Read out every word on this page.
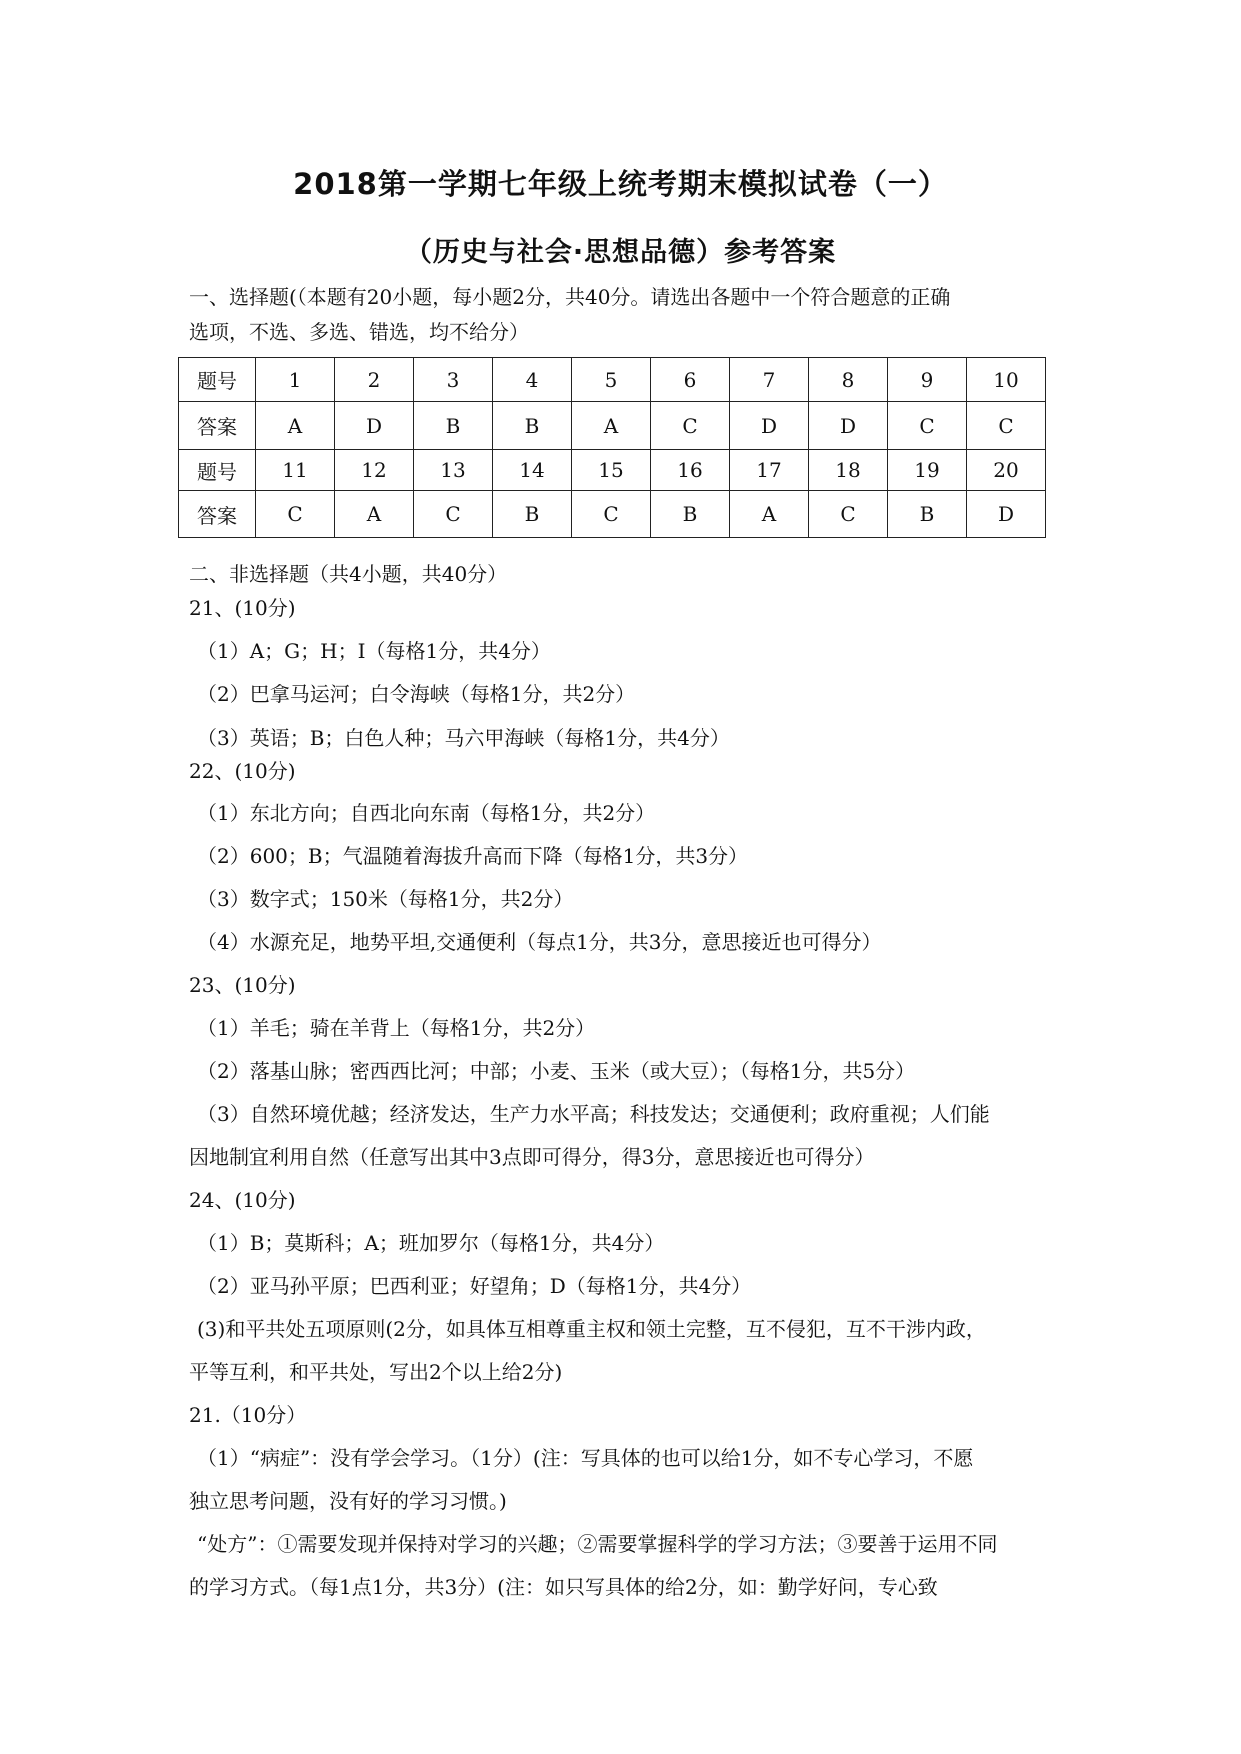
2018第一学期七年级上统考期末模拟试卷（一）
（历史与社会·思想品德）参考答案
一、选择题(（本题有20小题，每小题2分，共40分。请选出各题中一个符合题意的正确
选项，不选、多选、错选，均不给分）
题号	1	2	3	4	5	6	7	8	9	10
答案	A	D	B	B	A	C	D	D	C	C
题号	11	12	13	14	15	16	17	18	19	20
答案	C	A	C	B	C	B	A	C	B	D
二、非选择题（共4小题，共40分）
21、(10分)
（1）A；G；H；I（每格1分，共4分）
（2）巴拿马运河；白令海峡（每格1分，共2分）
（3）英语；B；白色人种；马六甲海峡（每格1分，共4分）
22、(10分)
（1）东北方向；自西北向东南（每格1分，共2分）
（2）600；B；气温随着海拔升高而下降（每格1分，共3分）
（3）数字式；150米（每格1分，共2分）
（4）水源充足，地势平坦,交通便利（每点1分，共3分，意思接近也可得分）
23、(10分)
（1）羊毛；骑在羊背上（每格1分，共2分）
（2）落基山脉；密西西比河；中部；小麦、玉米（或大豆）；（每格1分，共5分）
（3）自然环境优越；经济发达，生产力水平高；科技发达；交通便利；政府重视；人们能
因地制宜利用自然（任意写出其中3点即可得分，得3分，意思接近也可得分）
24、(10分)
（1）B；莫斯科；A；班加罗尔（每格1分，共4分）
（2）亚马孙平原；巴西利亚；好望角；D（每格1分，共4分）
(3)和平共处五项原则(2分，如具体互相尊重主权和领土完整，互不侵犯，互不干涉内政，
平等互利，和平共处，写出2个以上给2分)
21.（10分）
（1）“病症”：没有学会学习。（1分）(注：写具体的也可以给1分，如不专心学习，不愿
独立思考问题，没有好的学习习惯。)
“处方”：①需要发现并保持对学习的兴趣；②需要掌握科学的学习方法；③要善于运用不同
的学习方式。（每1点1分，共3分）(注：如只写具体的给2分，如：勤学好问，专心致
